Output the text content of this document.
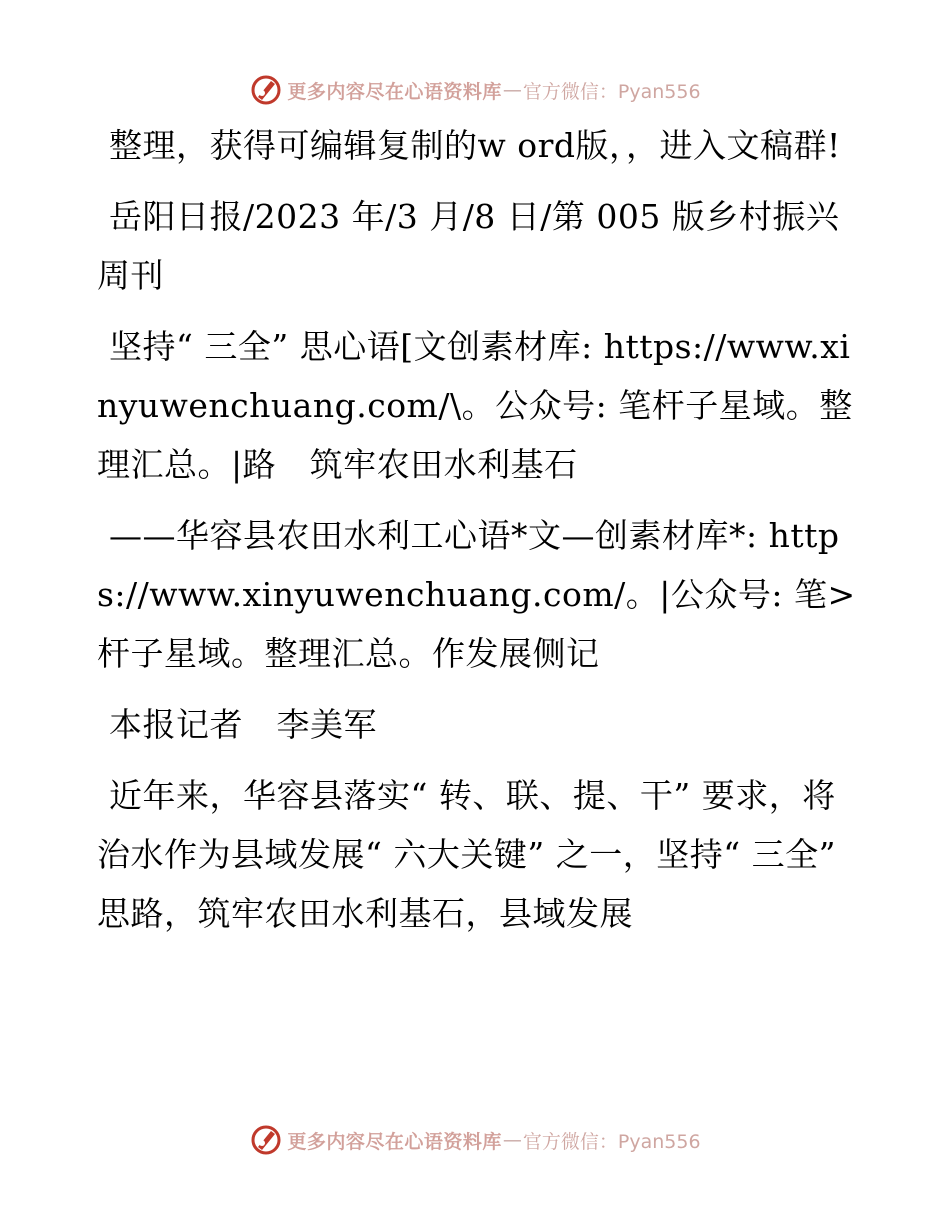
更多内容尽在心语资料库 — 官方微信：Pyan556

整理，获得可编辑复制的w ord版，，进入文稿群!

岳阳日报/2023 年/3 月/8 日/第 005 版乡村振兴周刊

坚持“ 三全” 思心语[文创素材库: https://www.xinyuwenchuang.com/\。公众号: 笔杆子星域。整理汇总。|路　筑牢农田水利基石

——华容县农田水利工心语*文—创素材库*: https://www.xinyuwenchuang.com/。|公众号: 笔>杆子星域。整理汇总。作发展侧记

本报记者　李美军

近年来，华容县落实“ 转、联、提、干” 要求，将治水作为县域发展“ 六大关键” 之一，坚持“ 三全” 思路，筑牢农田水利基石，县域发展

更多内容尽在心语资料库 — 官方微信：Pyan556
